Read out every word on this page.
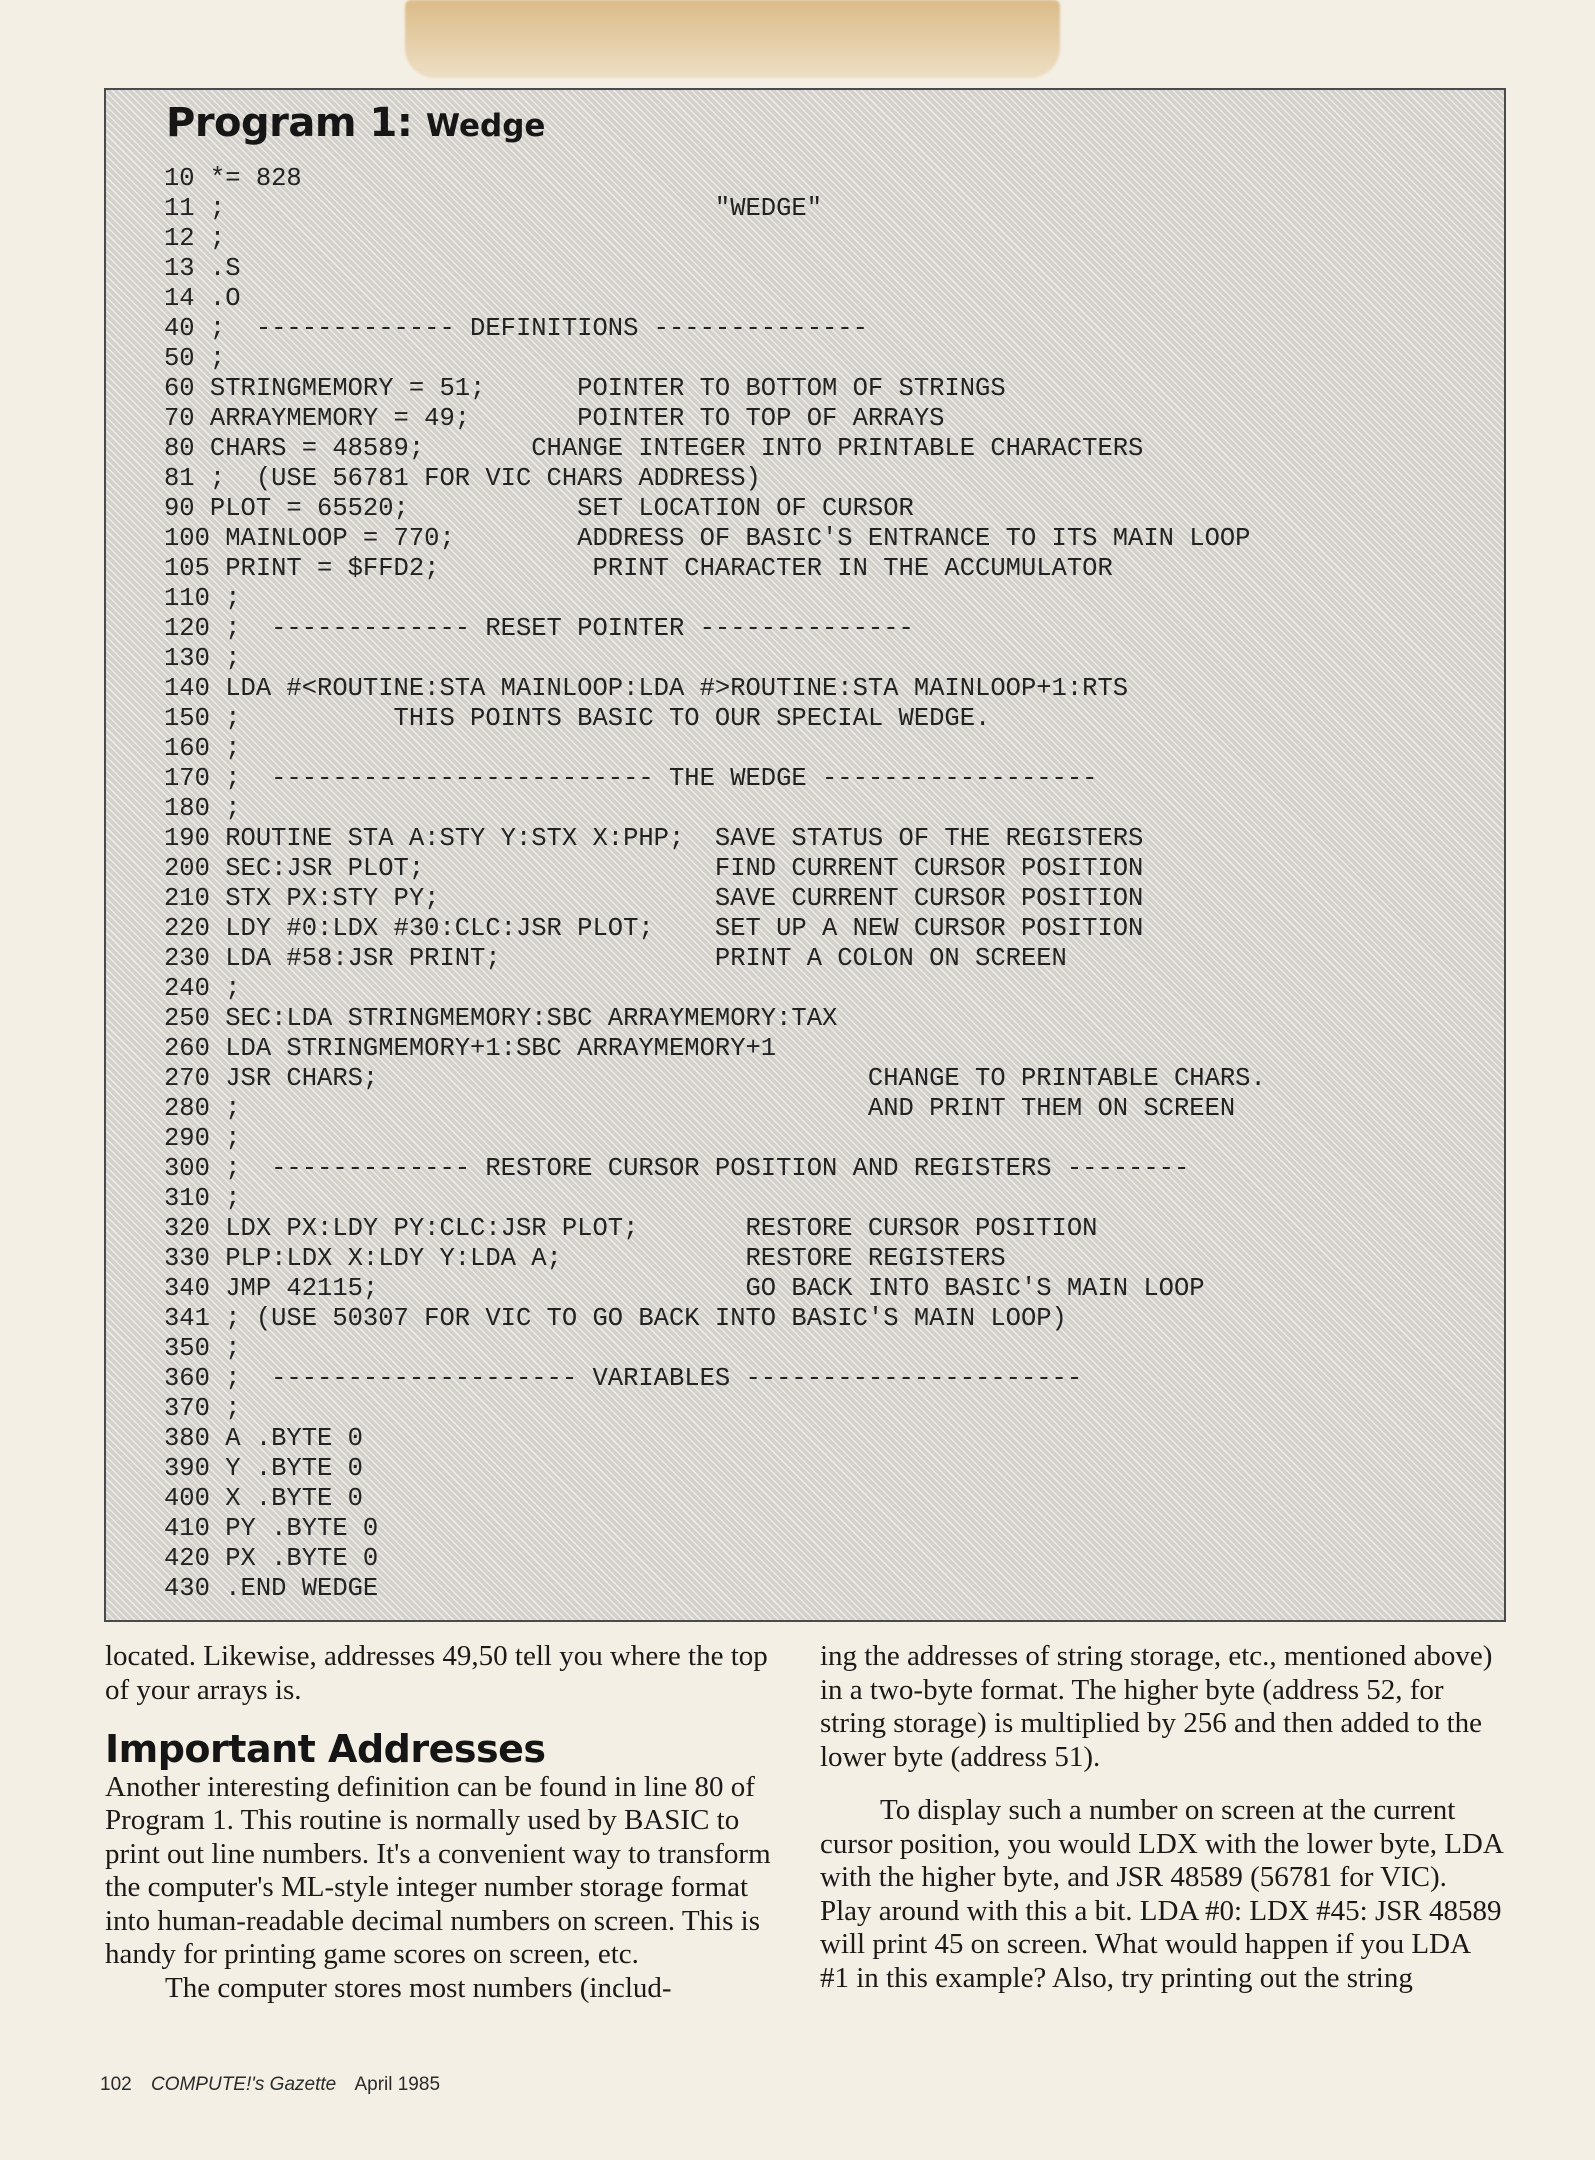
Program 1: Wedge
10 *= 828
11 ;                                "WEDGE"
12 ;
13 .S
14 .O
40 ;  ------------- DEFINITIONS --------------
50 ;
60 STRINGMEMORY = 51;      POINTER TO BOTTOM OF STRINGS
70 ARRAYMEMORY = 49;       POINTER TO TOP OF ARRAYS
80 CHARS = 48589;       CHANGE INTEGER INTO PRINTABLE CHARACTERS
81 ;  (USE 56781 FOR VIC CHARS ADDRESS)
90 PLOT = 65520;           SET LOCATION OF CURSOR
100 MAINLOOP = 770;        ADDRESS OF BASIC'S ENTRANCE TO ITS MAIN LOOP
105 PRINT = $FFD2;          PRINT CHARACTER IN THE ACCUMULATOR
110 ;
120 ;  ------------- RESET POINTER --------------
130 ;
140 LDA #<ROUTINE:STA MAINLOOP:LDA #>ROUTINE:STA MAINLOOP+1:RTS
150 ;          THIS POINTS BASIC TO OUR SPECIAL WEDGE.
160 ;
170 ;  ------------------------- THE WEDGE ------------------
180 ;
190 ROUTINE STA A:STY Y:STX X:PHP;  SAVE STATUS OF THE REGISTERS
200 SEC:JSR PLOT;                   FIND CURRENT CURSOR POSITION
210 STX PX:STY PY;                  SAVE CURRENT CURSOR POSITION
220 LDY #0:LDX #30:CLC:JSR PLOT;    SET UP A NEW CURSOR POSITION
230 LDA #58:JSR PRINT;              PRINT A COLON ON SCREEN
240 ;
250 SEC:LDA STRINGMEMORY:SBC ARRAYMEMORY:TAX
260 LDA STRINGMEMORY+1:SBC ARRAYMEMORY+1
270 JSR CHARS;                                CHANGE TO PRINTABLE CHARS.
280 ;                                         AND PRINT THEM ON SCREEN
290 ;
300 ;  ------------- RESTORE CURSOR POSITION AND REGISTERS --------
310 ;
320 LDX PX:LDY PY:CLC:JSR PLOT;       RESTORE CURSOR POSITION
330 PLP:LDX X:LDY Y:LDA A;            RESTORE REGISTERS
340 JMP 42115;                        GO BACK INTO BASIC'S MAIN LOOP
341 ; (USE 50307 FOR VIC TO GO BACK INTO BASIC'S MAIN LOOP)
350 ;
360 ;  -------------------- VARIABLES ----------------------
370 ;
380 A .BYTE 0
390 Y .BYTE 0
400 X .BYTE 0
410 PY .BYTE 0
420 PX .BYTE 0
430 .END WEDGE

located. Likewise, addresses 49,50 tell you where the top of your arrays is.

Important Addresses

Another interesting definition can be found in line 80 of Program 1. This routine is normally used by BASIC to print out line numbers. It's a convenient way to transform the computer's ML-style integer number storage format into human-readable decimal numbers on screen. This is handy for printing game scores on screen, etc.

The computer stores most numbers (includ-

ing the addresses of string storage, etc., mentioned above) in a two-byte format. The higher byte (address 52, for string storage) is multiplied by 256 and then added to the lower byte (address 51).

To display such a number on screen at the current cursor position, you would LDX with the lower byte, LDA with the higher byte, and JSR 48589 (56781 for VIC). Play around with this a bit. LDA #0: LDX #45: JSR 48589 will print 45 on screen. What would happen if you LDA #1 in this example? Also, try printing out the string

102 COMPUTE!'s Gazette April 1985
